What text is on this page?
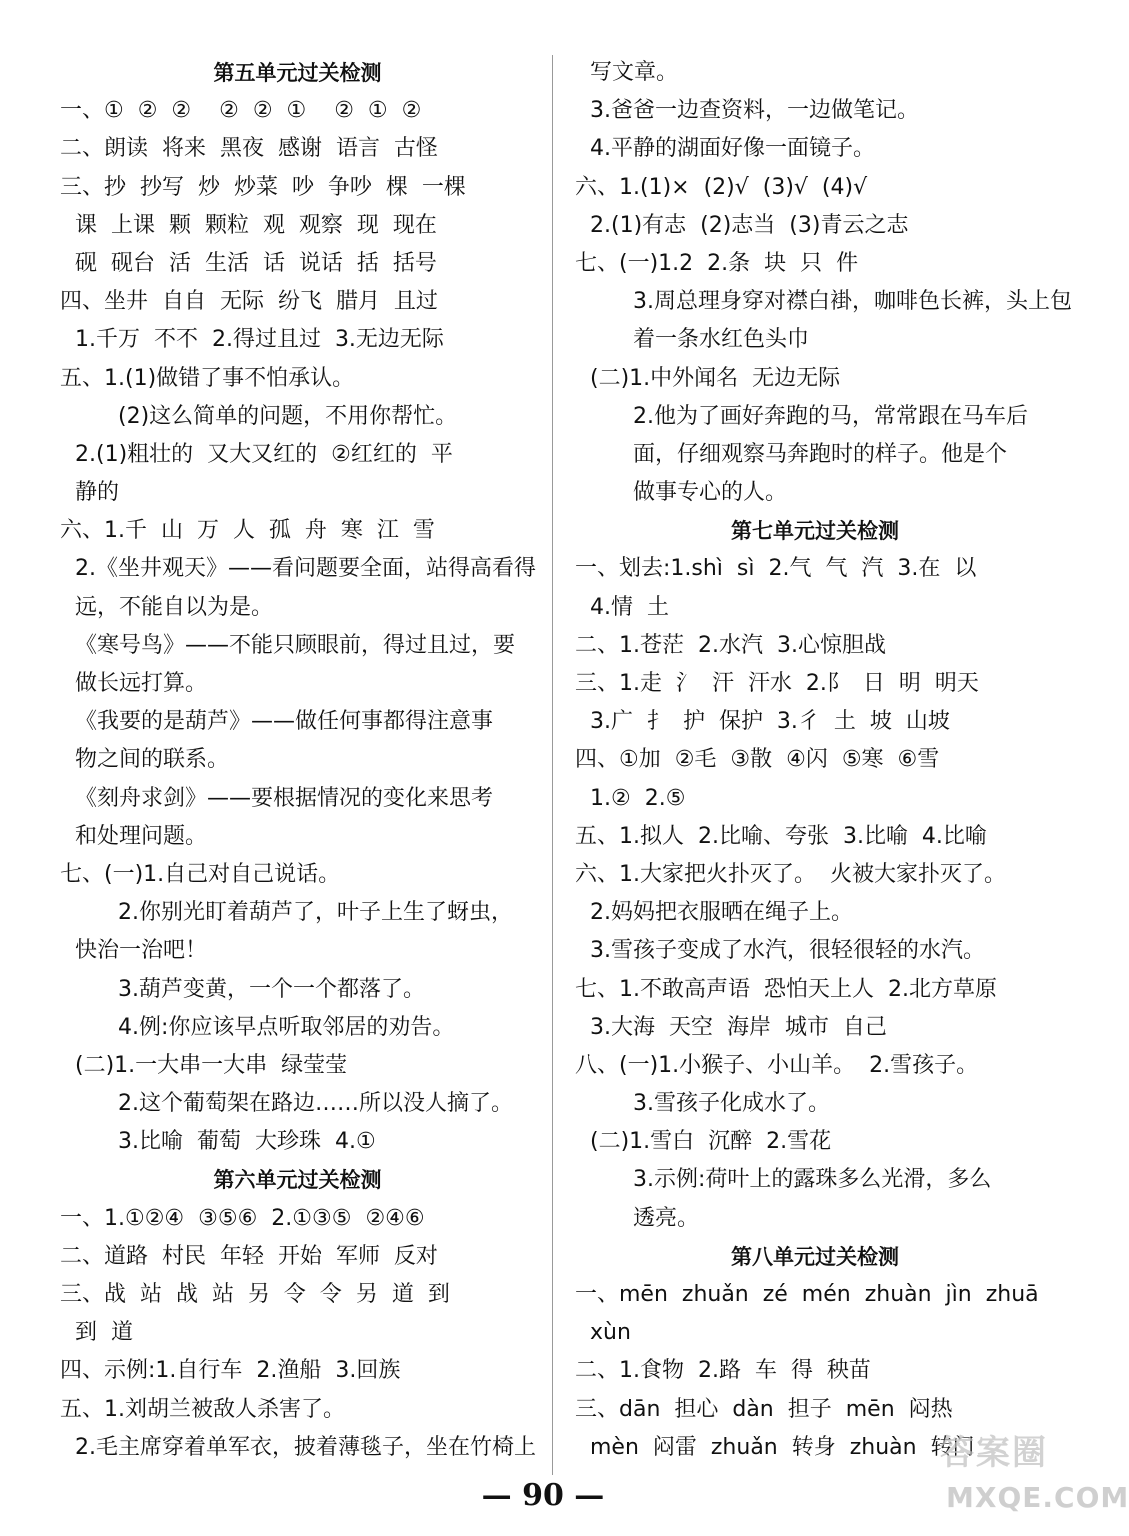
第五单元过关检测
一、①  ②  ②    ②  ②  ①    ②  ①  ②
二、朗读  将来  黑夜  感谢  语言  古怪
三、抄  抄写  炒  炒菜  吵  争吵  棵  一棵
课  上课  颗  颗粒  观  观察  现  现在
砚  砚台  活  生活  话  说话  括  括号
四、坐井  自自  无际  纷飞  腊月  且过
1.千万  不不  2.得过且过  3.无边无际
五、1.(1)做错了事不怕承认。
(2)这么简单的问题，不用你帮忙。
2.(1)粗壮的  又大又红的  ②红红的  平
静的
六、1.千  山  万  人  孤  舟  寒  江  雪
2.《坐井观天》——看问题要全面，站得高看得
远，不能自以为是。
《寒号鸟》——不能只顾眼前，得过且过，要
做长远打算。
《我要的是葫芦》——做任何事都得注意事
物之间的联系。
《刻舟求剑》——要根据情况的变化来思考
和处理问题。
七、(一)1.自己对自己说话。
2.你别光盯着葫芦了，叶子上生了蚜虫，
快治一治吧！
3.葫芦变黄，一个一个都落了。
4.例:你应该早点听取邻居的劝告。
(二)1.一大串一大串  绿莹莹
2.这个葡萄架在路边……所以没人摘了。
3.比喻  葡萄  大珍珠  4.①
第六单元过关检测
一、1.①②④  ③⑤⑥  2.①③⑤  ②④⑥
二、道路  村民  年轻  开始  军师  反对
三、战  站  战  站  另  令  令  另  道  到
到  道
四、示例:1.自行车  2.渔船  3.回族
五、1.刘胡兰被敌人杀害了。
2.毛主席穿着单军衣，披着薄毯子，坐在竹椅上
写文章。
3.爸爸一边查资料，一边做笔记。
4.平静的湖面好像一面镜子。
六、1.(1)×  (2)√  (3)√  (4)√
2.(1)有志  (2)志当  (3)青云之志
七、(一)1.2  2.条  块  只  件
3.周总理身穿对襟白褂，咖啡色长裤，头上包
着一条水红色头巾
(二)1.中外闻名  无边无际
2.他为了画好奔跑的马，常常跟在马车后
面，仔细观察马奔跑时的样子。他是个
做事专心的人。
第七单元过关检测
一、划去:1.shì  sì  2.气  气  汽  3.在  以
4.情  土
二、1.苍茫  2.水汽  3.心惊胆战
三、1.走  氵  汗  汗水  2.阝  日  明  明天
3.广  扌  护  保护  3.彳  土  坡  山坡
四、①加  ②毛  ③散  ④闪  ⑤寒  ⑥雪
1.②  2.⑤
五、1.拟人  2.比喻、夸张  3.比喻  4.比喻
六、1.大家把火扑灭了。  火被大家扑灭了。
2.妈妈把衣服晒在绳子上。
3.雪孩子变成了水汽，很轻很轻的水汽。
七、1.不敢高声语  恐怕天上人  2.北方草原
3.大海  天空  海岸  城市  自己
八、(一)1.小猴子、小山羊。  2.雪孩子。
3.雪孩子化成水了。
(二)1.雪白  沉醉  2.雪花
3.示例:荷叶上的露珠多么光滑，多么
透亮。
第八单元过关检测
一、mēn  zhuǎn  zé  mén  zhuàn  jìn  zhuā
xùn
二、1.食物  2.路  车  得  秧苗
三、dān  担心  dàn  担子  mēn  闷热
mèn  闷雷  zhuǎn  转身  zhuàn  转门
— 90 —
答案圈
MXQE.COM
